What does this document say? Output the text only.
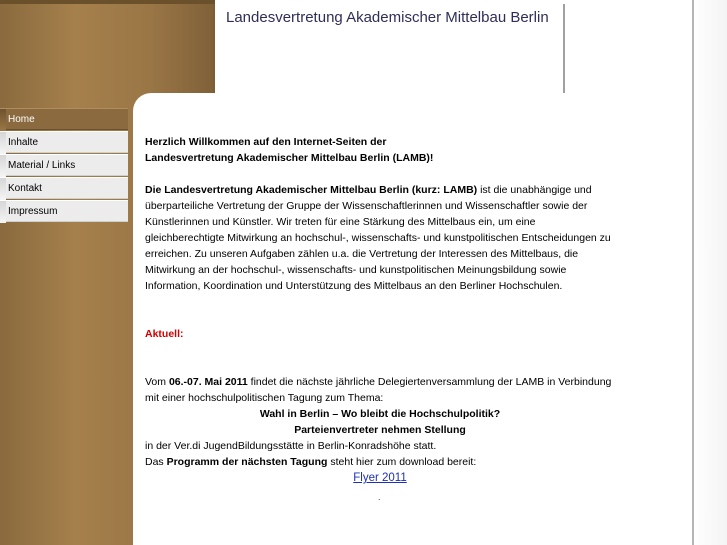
Landesvertretung Akademischer Mittelbau Berlin
Home
Inhalte
Material / Links
Kontakt
Impressum

Herzlich Willkommen auf den Internet-Seiten der

Landesvertretung Akademischer Mittelbau Berlin (LAMB)!

Die Landesvertretung Akademischer Mittelbau Berlin (kurz: LAMB) ist die unabhängige und überparteiliche Vertretung der Gruppe der Wissenschaftlerinnen und Wissenschaftler sowie der Künstlerinnen und Künstler. Wir treten für eine Stärkung des Mittelbaus ein, um eine gleichberechtigte Mitwirkung an hochschul-, wissenschafts- und kunstpolitischen Entscheidungen zu erreichen. Zu unseren Aufgaben zählen u.a. die Vertretung der Interessen des Mittelbaus, die Mitwirkung an der hochschul-, wissenschafts- und kunstpolitischen Meinungsbildung sowie Information, Koordination und Unterstützung des Mittelbaus an den Berliner Hochschulen.

Aktuell:

Vom 06.-07. Mai 2011 findet die nächste jährliche Delegiertenversammlung der LAMB in Verbindung mit einer hochschulpolitischen Tagung zum Thema:

Wahl in Berlin – Wo bleibt die Hochschulpolitik?

Parteienvertreter nehmen Stellung

in der Ver.di JugendBildungsstätte in Berlin-Konradshöhe statt.

Das Programm der nächsten Tagung steht hier zum download bereit:

Flyer 2011

.
